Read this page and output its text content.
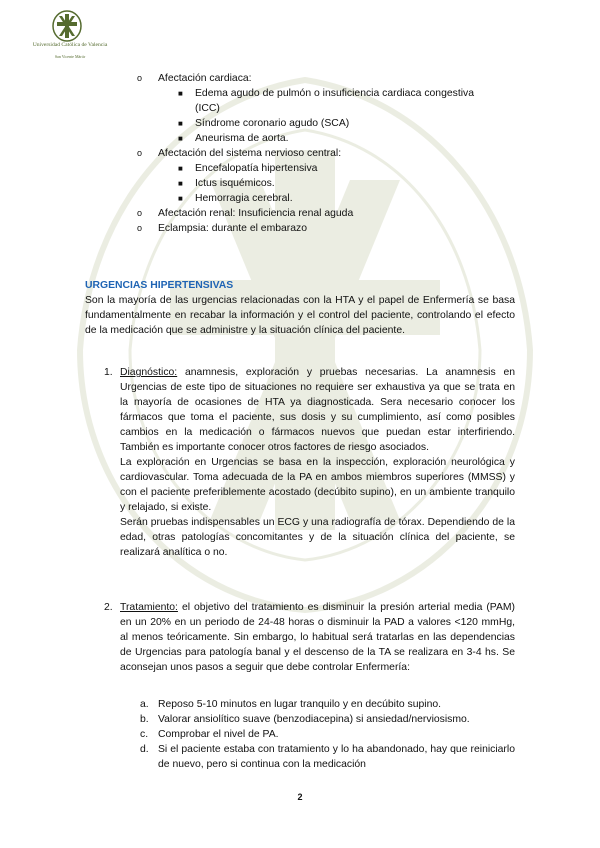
Universidad Católica de Valencia
San Vicente Mártir
o Afectación cardiaca:
■ Edema agudo de pulmón o insuficiencia cardiaca congestiva
(ICC)
■ Síndrome coronario agudo (SCA)
■ Aneurisma de aorta.
o Afectación del sistema nervioso central:
■ Encefalopatía hipertensiva
■ Ictus isquémicos.
■ Hemorragia cerebral.
o Afectación renal: Insuficiencia renal aguda
o Eclampsia: durante el embarazo
URGENCIAS HIPERTENSIVAS

Son la mayoría de las urgencias relacionadas con la HTA y el papel de Enfermería se basa fundamentalmente en recabar la información y el control del paciente, controlando el efecto de la medicación que se administre y la situación clínica del paciente.

1. Diagnóstico: anamnesis, exploración y pruebas necesarias. La anamnesis en Urgencias de este tipo de situaciones no requiere ser exhaustiva ya que se trata en la mayoría de ocasiones de HTA ya diagnosticada. Sera necesario conocer los fármacos que toma el paciente, sus dosis y su cumplimiento, así como posibles cambios en la medicación o fármacos nuevos que puedan estar interfiriendo. También es importante conocer otros factores de riesgo asociados.

La exploración en Urgencias se basa en la inspección, exploración neurológica y cardiovascular. Toma adecuada de la PA en ambos miembros superiores (MMSS) y con el paciente preferiblemente acostado (decúbito supino), en un ambiente tranquilo y relajado, si existe.

Serán pruebas indispensables un ECG y una radiografía de tórax. Dependiendo de la edad, otras patologías concomitantes y de la situación clínica del paciente, se realizará analítica o no.

2. Tratamiento: el objetivo del tratamiento es disminuir la presión arterial media (PAM) en un 20% en un periodo de 24-48 horas o disminuir la PAD a valores <120 mmHg, al menos teóricamente. Sin embargo, lo habitual será tratarlas en las dependencias de Urgencias para patología banal y el descenso de la TA se realizara en 3-4 hs. Se aconsejan unos pasos a seguir que debe controlar Enfermería:

a. Reposo 5-10 minutos en lugar tranquilo y en decúbito supino.
b. Valorar ansiolítico suave (benzodiacepina) si ansiedad/nerviosismo.
c. Comprobar el nivel de PA.
d. Si el paciente estaba con tratamiento y lo ha abandonado, hay que reiniciarlo de nuevo, pero si continua con la medicación
2
